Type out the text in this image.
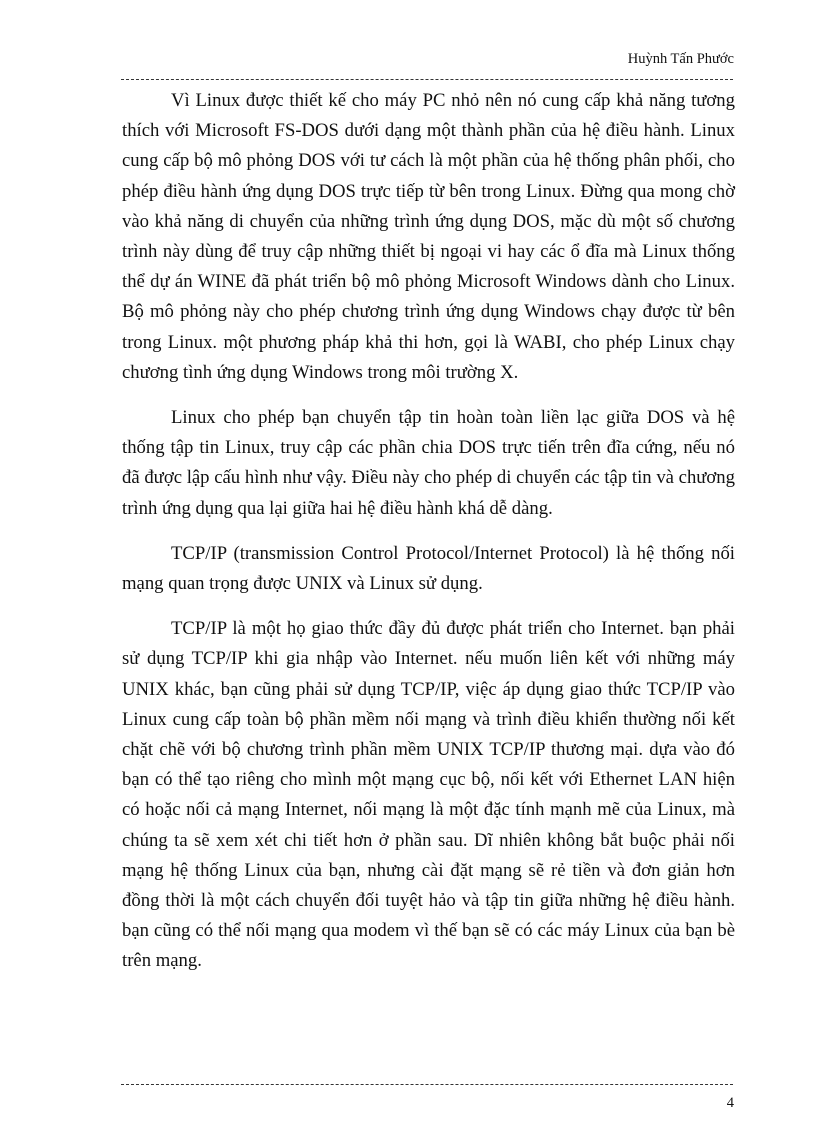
Huỳnh Tấn Phước

Vì Linux được thiết kế cho máy PC nhỏ nên nó cung cấp khả năng tương thích với Microsoft FS-DOS dưới dạng một thành phần của hệ điều hành. Linux cung cấp bộ mô phỏng DOS với tư cách là một phần của hệ thống phân phối, cho phép điều hành ứng dụng DOS trực tiếp từ bên trong Linux. Đừng qua mong chờ vào khả năng di chuyển của những trình ứng dụng DOS, mặc dù một số chương trình này dùng để truy cập những thiết bị ngoại vi hay các ổ đĩa mà Linux thống thể dự án WINE đã phát triển bộ mô phỏng Microsoft Windows dành cho Linux. Bộ mô phỏng này cho phép chương trình ứng dụng Windows chạy được từ bên trong Linux. một phương pháp khả thi hơn, gọi là WABI, cho phép Linux chạy chương tình ứng dụng Windows trong môi trường X.

Linux cho phép bạn chuyển tập tin hoàn toàn liền lạc giữa DOS và hệ thống tập tin Linux, truy cập các phần chia DOS trực tiến trên đĩa cứng, nếu nó đã được lập cấu hình như vậy. Điều này cho phép di chuyển các tập tin và chương trình ứng dụng qua lại giữa hai hệ điều hành khá dễ dàng.

TCP/IP (transmission Control Protocol/Internet Protocol) là hệ thống nối mạng quan trọng được UNIX và Linux sử dụng.

TCP/IP là một họ giao thức đầy đủ được phát triển cho Internet. bạn phải sử dụng TCP/IP khi gia nhập vào Internet. nếu muốn liên kết với những máy UNIX khác, bạn cũng phải sử dụng TCP/IP, việc áp dụng giao thức TCP/IP vào Linux cung cấp toàn bộ phần mềm nối mạng và trình điều khiển thường nối kết chặt chẽ với bộ chương trình phần mềm UNIX TCP/IP thương mại. dựa vào đó bạn có thể tạo riêng cho mình một mạng cục bộ, nối kết với Ethernet LAN hiện có hoặc nối cả mạng Internet, nối mạng là một đặc tính mạnh mẽ của Linux, mà chúng ta sẽ xem xét chi tiết hơn ở phần sau. Dĩ nhiên không bắt buộc phải nối mạng hệ thống Linux của bạn, nhưng cài đặt mạng sẽ rẻ tiền và đơn giản hơn đồng thời là một cách chuyển đối tuyệt hảo và tập tin giữa những hệ điều hành. bạn cũng có thể nối mạng qua modem vì thế bạn sẽ có các máy Linux của bạn bè trên mạng.

4
